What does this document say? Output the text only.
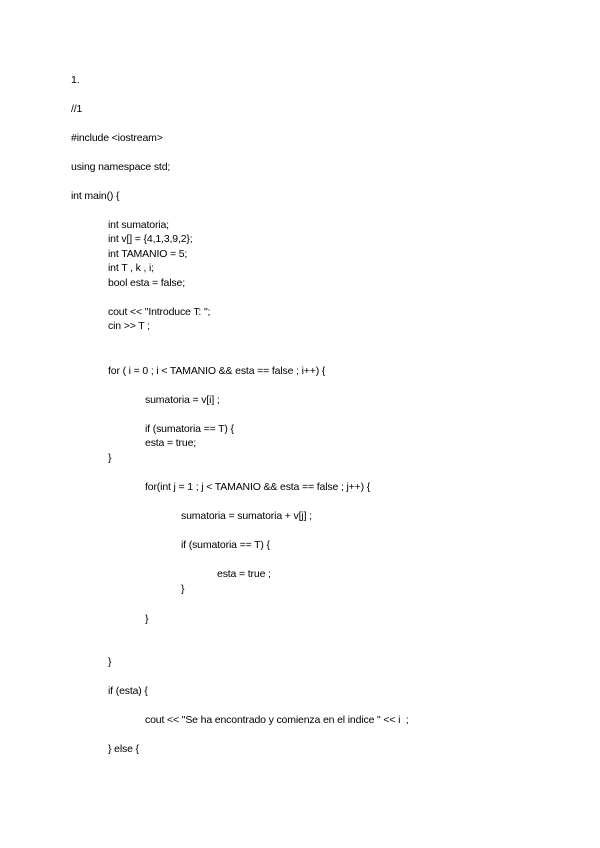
1.
//1
#include <iostream>
using namespace std;
int main() {
int sumatoria;
int v[] = {4,1,3,9,2};
int TAMANIO = 5;
int T , k , i;
bool esta = false;
cout << "Introduce T: ";
cin >> T ;
for ( i = 0 ; i < TAMANIO && esta == false ; i++) {
sumatoria = v[i] ;
if (sumatoria == T) {
esta = true;
}
for(int j = 1 ; j < TAMANIO && esta == false ; j++) {
sumatoria = sumatoria + v[j] ;
if (sumatoria == T) {
esta = true ;
}
}
}
if (esta) {
cout << "Se ha encontrado y comienza en el indice " << i  ;
} else {
